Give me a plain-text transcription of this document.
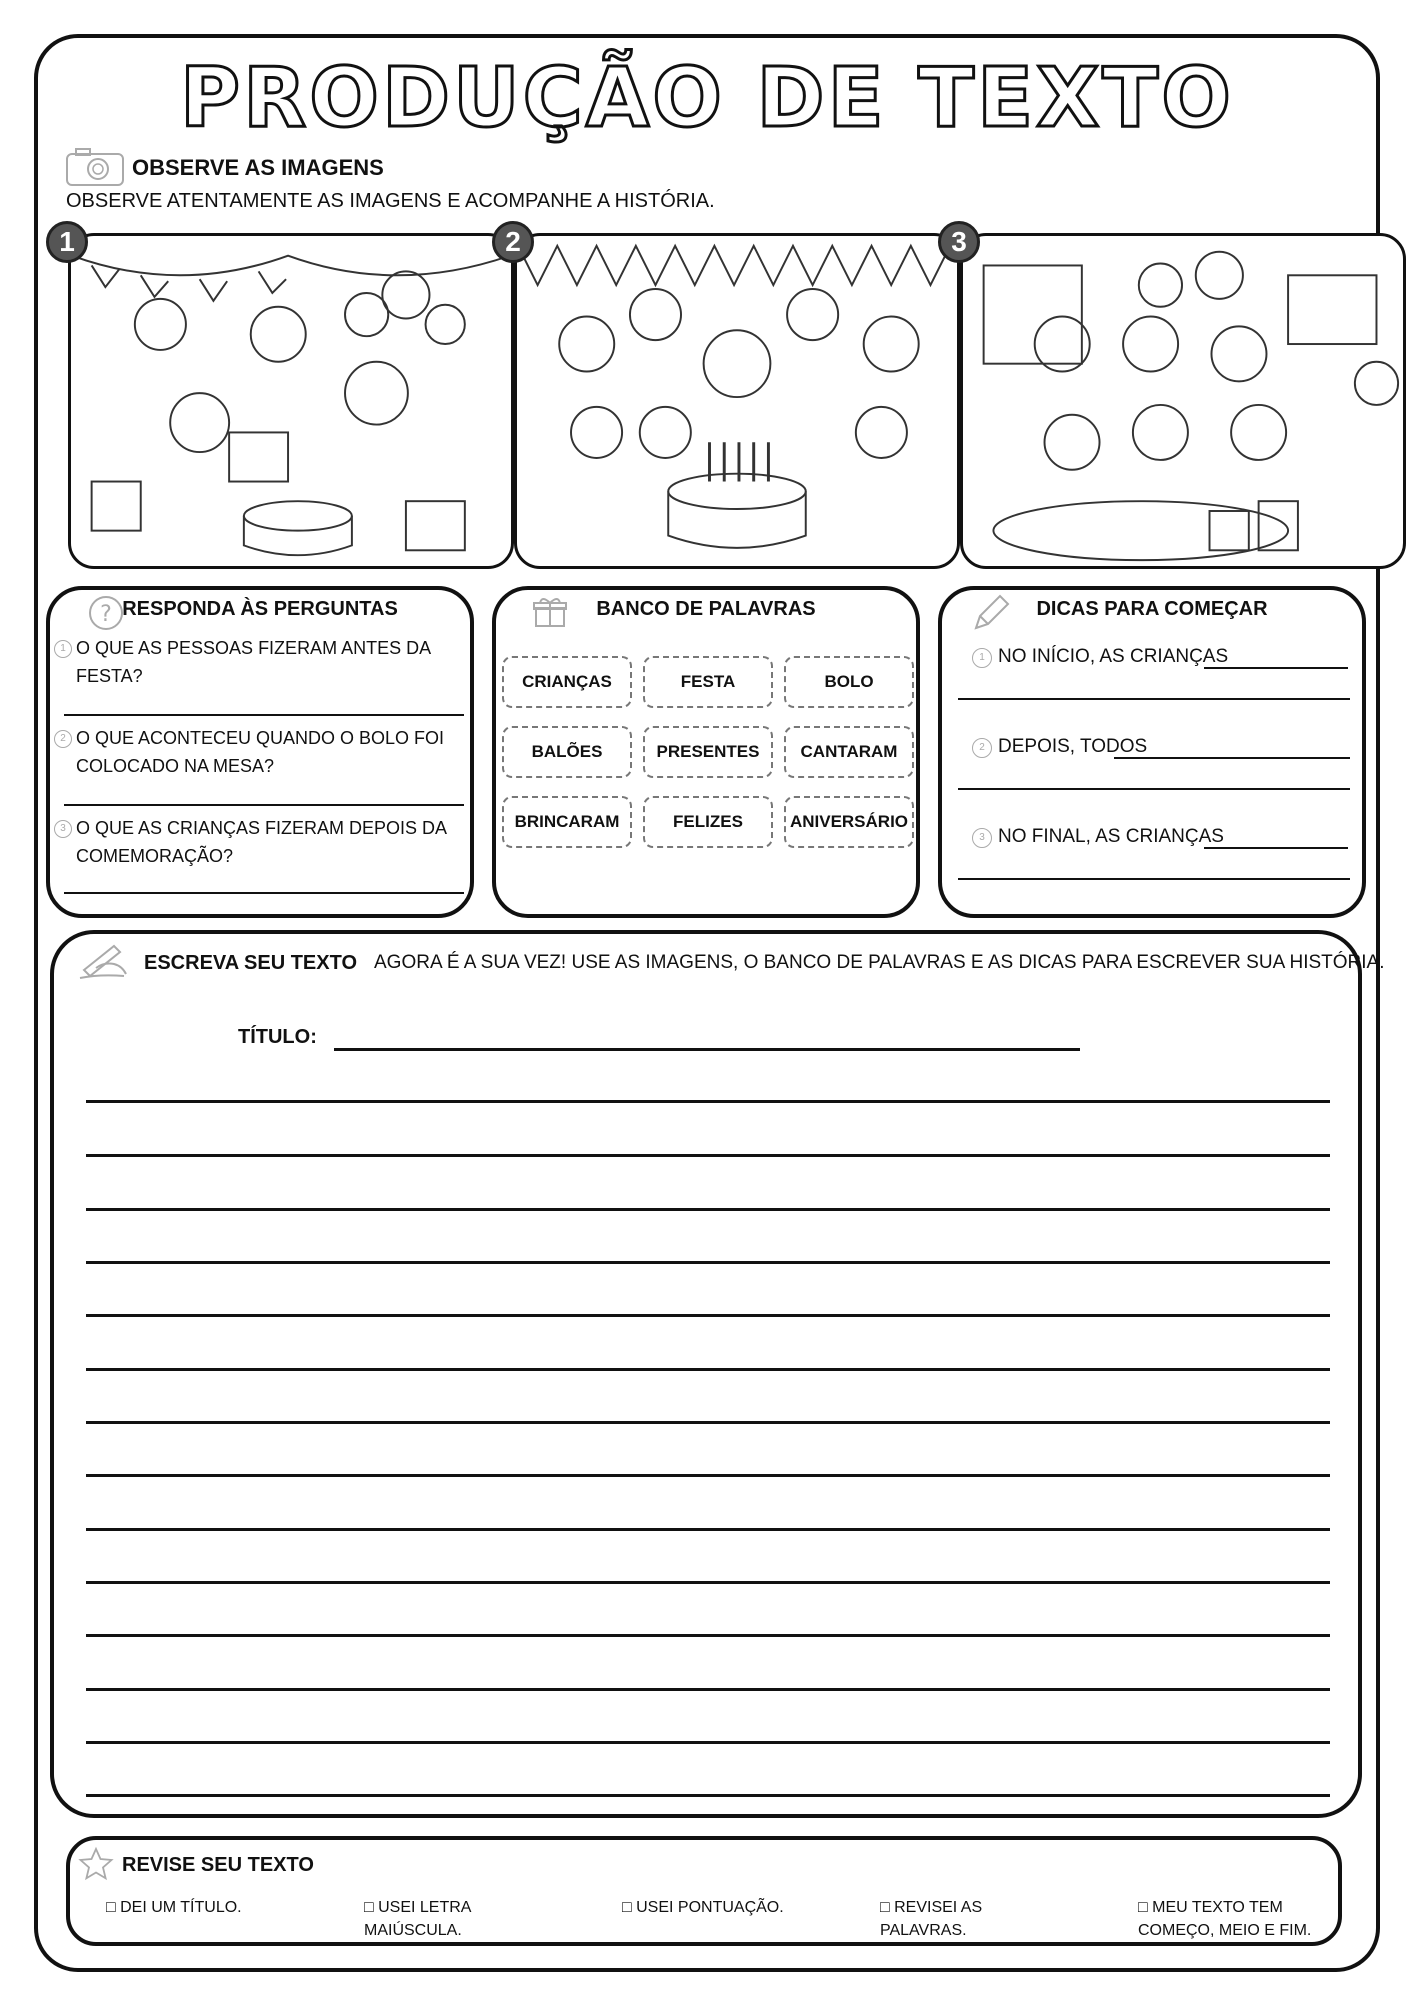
PRODUÇÃO DE TEXTO
OBSERVE AS IMAGENS
OBSERVE ATENTAMENTE AS IMAGENS E ACOMPANHE A HISTÓRIA.
1	2	3
? RESPONDA ÀS PERGUNTAS
1 O QUE AS PESSOAS FIZERAM ANTES DA FESTA?
2 O QUE ACONTECEU QUANDO O BOLO FOI COLOCADO NA MESA?
3 O QUE AS CRIANÇAS FIZERAM DEPOIS DA COMEMORAÇÃO?
BANCO DE PALAVRAS
CRIANÇAS	FESTA	BOLO
BALÕES	PRESENTES	CANTARAM
BRINCARAM	FELIZES	ANIVERSÁRIO
DICAS PARA COMEÇAR
1 NO INÍCIO, AS CRIANÇAS
2 DEPOIS, TODOS
3 NO FINAL, AS CRIANÇAS
ESCREVA SEU TEXTO AGORA É A SUA VEZ! USE AS IMAGENS, O BANCO DE PALAVRAS E AS DICAS PARA ESCREVER SUA HISTÓRIA.
TÍTULO:
REVISE SEU TEXTO
□ DEI UM TÍTULO.	□ USEI LETRA MAIÚSCULA.
□ USEI PONTUAÇÃO.	□ REVISEI AS PALAVRAS.
□ MEU TEXTO TEM COMEÇO, MEIO E FIM.
